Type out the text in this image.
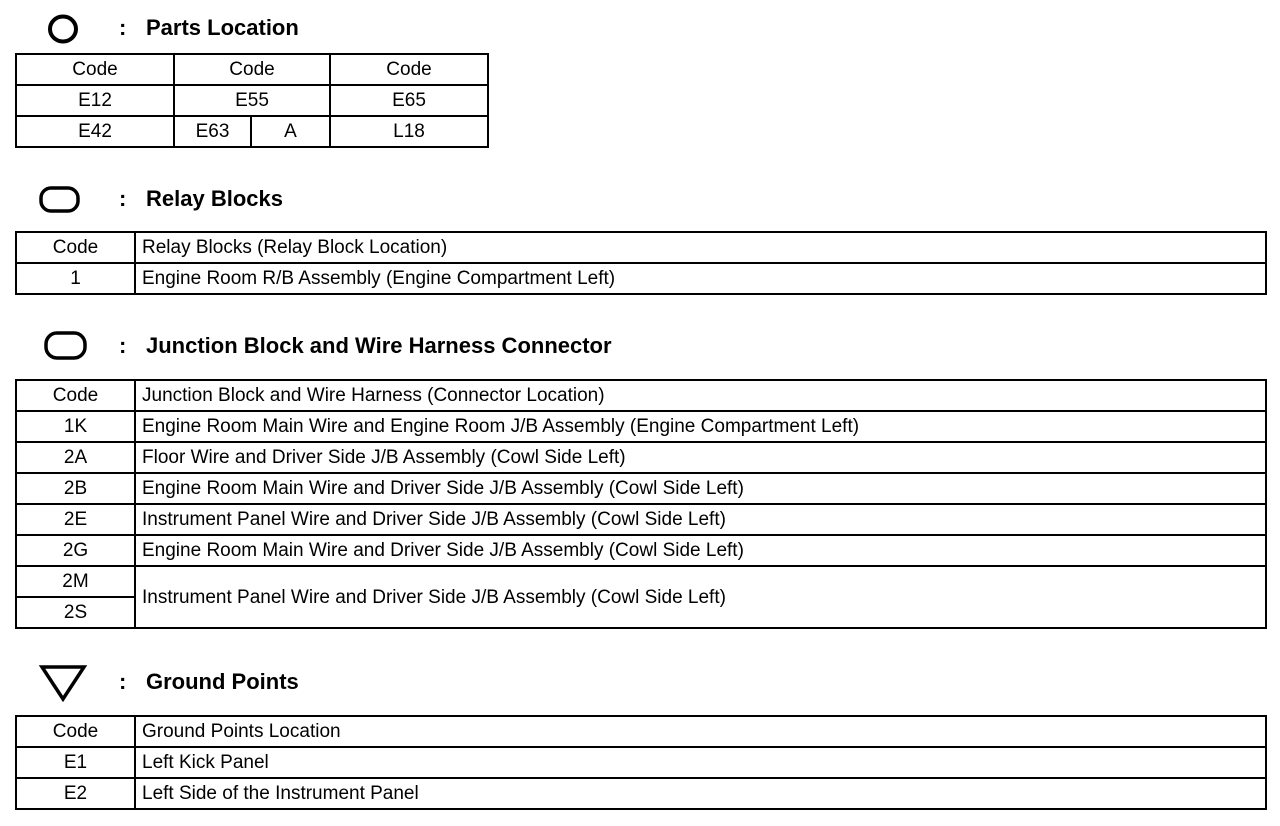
: Parts Location
Code	Code		Code
E12	E55		E65
E42	E63	A	L18
: Relay Blocks
Code	Relay Blocks (Relay Block Location)
1	Engine Room R/B Assembly (Engine Compartment Left)
: Junction Block and Wire Harness Connector
Code	Junction Block and Wire Harness (Connector Location)
1K	Engine Room Main Wire and Engine Room J/B Assembly (Engine Compartment Left)
2A	Floor Wire and Driver Side J/B Assembly (Cowl Side Left)
2B	Engine Room Main Wire and Driver Side J/B Assembly (Cowl Side Left)
2E	Instrument Panel Wire and Driver Side J/B Assembly (Cowl Side Left)
2G	Engine Room Main Wire and Driver Side J/B Assembly (Cowl Side Left)
2M	Instrument Panel Wire and Driver Side J/B Assembly (Cowl Side Left)
2S	
: Ground Points
Code	Ground Points Location
E1	Left Kick Panel
E2	Left Side of the Instrument Panel
